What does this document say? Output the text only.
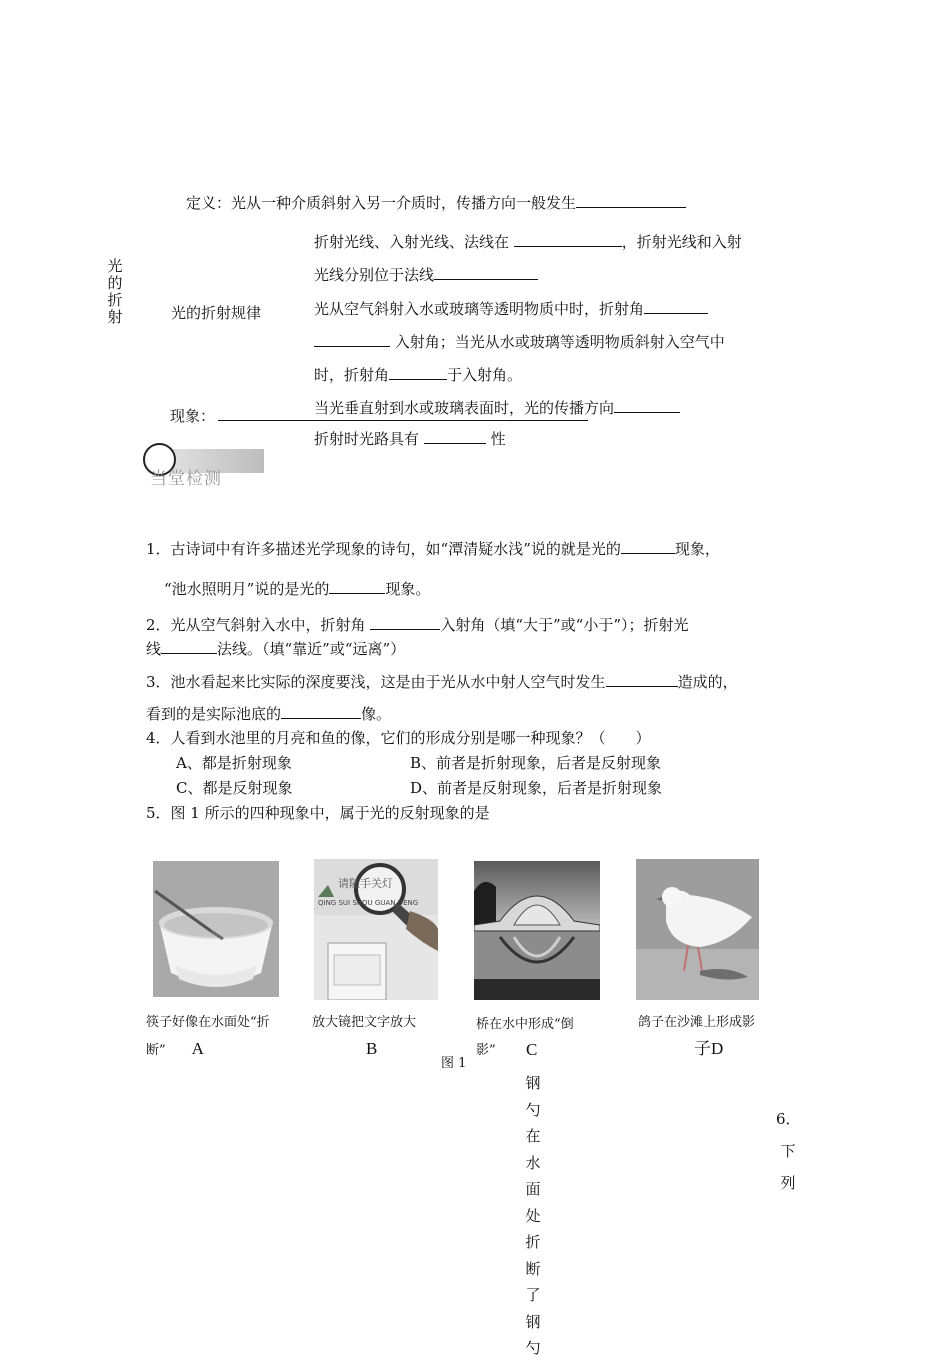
光
的
折
射
定义：光从一种介质斜射入另一介质时，传播方向一般发生
折射光线、入射光线、法线在	，折射光线和入射
光线分别位于法线
光的折射规律	光从空气斜射入水或玻璃等透明物质中时，折射角
入射角；当光从水或玻璃等透明物质斜射入空气中
时，折射角	于入射角。
现象：	当光垂直射到水或玻璃表面时，光的传播方向
折射时光路具有	性
当堂检测
1．古诗词中有许多描述光学现象的诗句，如“潭清疑水浅”说的就是光的	现象，
“池水照明月”说的是光的	现象。
2．光从空气斜射入水中，折射角	入射角（填“大于”或“小于”）；折射光
线	法线。（填“靠近”或“远离”）
3．池水看起来比实际的深度要浅，这是由于光从水中射人空气时发生	造成的，
看到的是实际池底的	像。
4．人看到水池里的月亮和鱼的像，它们的形成分别是哪一种现象？（　　）
A、都是折射现象	B、前者是折射现象，后者是反射现象
C、都是反射现象	D、前者是反射现象，后者是折射现象
5．图 1 所示的四种现象中，属于光的反射现象的是
请随手关灯
QING SUI SHOU GUAN DENG
筷子好像在水面处“折
断” A
放大镜把文字放大
B
桥在水中形成“倒
影”	C
鸽子在沙滩上形成影
子D
图 1
钢
勺
在
水
面
处
折
断
了
钢
勺
6．
下
列
